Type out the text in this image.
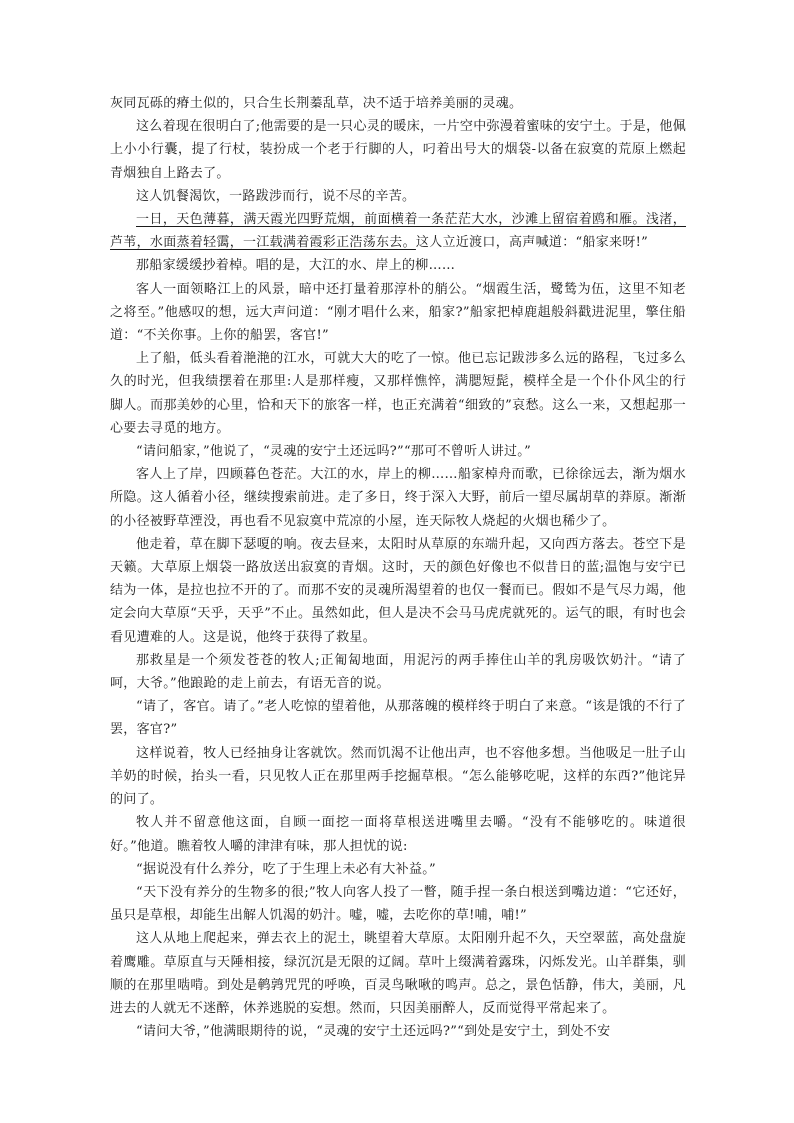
灰同瓦砾的瘠土似的，只合生长荆蓁乱草，决不适于培养美丽的灵魂。

这么着现在很明白了;他需要的是一只心灵的暖床，一片空中弥漫着蜜味的安宁土。于是，他佩上小小行囊，提了行杖，装扮成一个老于行脚的人，叼着出号大的烟袋-以备在寂寞的荒原上燃起青烟独自上路去了。

这人饥餐渴饮，一路跋涉而行，说不尽的辛苦。

一日，天色薄暮，满天霞光四野荒烟，前面横着一条茫茫大水，沙滩上留宿着鸥和雁。浅渚，芦苇，水面蒸着轻霭，一江载满着霞彩正浩荡东去。这人立近渡口，高声喊道：“船家来呀!”

那船家缓缓抄着棹。唱的是，大江的水、岸上的柳……

客人一面领略江上的风景，暗中还打量着那淳朴的艄公。“烟霞生活，鹭鸶为伍，这里不知老之将至。”他感叹的想，远大声问道：“刚才唱什么来，船家?”船家把棹鹿趄般斜戳进泥里，擎住船道：“不关你事。上你的船罢，客官!”

上了船，低头看着滟滟的江水，可就大大的吃了一惊。他已忘记跋涉多么远的路程，飞过多么久的时光，但我绩摆着在那里:人是那样瘦，又那样憔悴，满腮短髭，模样全是一个仆仆风尘的行脚人。而那美妙的心里，恰和天下的旅客一样，也正充满着“细致的”哀愁。这么一来，又想起那一心要去寻觅的地方。

“请问船家，”他说了，“灵魂的安宁土还远吗?”“那可不曾听人讲过。”

客人上了岸，四顾暮色苍茫。大江的水，岸上的柳……船家棹舟而歌，已徐徐远去，渐为烟水所隐。这人循着小径，继续搜索前进。走了多日，终于深入大野，前后一望尽属胡草的莽原。渐渐的小径被野草湮没，再也看不见寂寞中荒凉的小屋，连天际牧人烧起的火烟也稀少了。

他走着，草在脚下瑟嗄的响。夜去昼来，太阳时从草原的东端升起，又向西方落去。苍空下是天籁。大草原上烟袋一路放送出寂寞的青烟。这时，天的颜色好像也不似昔日的蓝;温饱与安宁已结为一体，是拉也拉不开的了。而那不安的灵魂所渴望着的也仅一餐而已。假如不是气尽力竭，他定会向大草原“天乎，天乎”不止。虽然如此，但人是决不会马马虎虎就死的。运气的眼，有时也会看见遭难的人。这是说，他终于获得了救星。

那救星是一个须发苍苍的牧人;正匍匐地面，用泥污的两手捧住山羊的乳房吸饮奶汁。“请了呵，大爷。”他踉跄的走上前去，有语无音的说。

“请了，客官。请了。”老人吃惊的望着他，从那落魄的模样终于明白了来意。“该是饿的不行了罢，客官?”

这样说着，牧人已经抽身让客就饮。然而饥渴不让他出声，也不容他多想。当他吸足一肚子山羊奶的时候，抬头一看，只见牧人正在那里两手挖掘草根。“怎么能够吃呢，这样的东西?”他诧异的问了。

牧人并不留意他这面，自顾一面挖一面将草根送进嘴里去嚼。“没有不能够吃的。味道很好。”他道。瞧着牧人嚼的津津有味，那人担忧的说:

“据说没有什么养分，吃了于生理上未必有大补益。”

“天下没有养分的生物多的很;”牧人向客人投了一瞥，随手捏一条白根送到嘴边道：“它还好，虽只是草根，却能生出解人饥渴的奶汁。嘘，嘘，去吃你的草!哺，哺!”

这人从地上爬起来，弹去衣上的泥土，眺望着大草原。太阳刚升起不久，天空翠蓝，高处盘旋着鹰雕。草原直与天陲相接，绿沉沉是无限的辽阔。草叶上缀满着露珠，闪烁发光。山羊群集，驯顺的在那里啮啃。到处是鹌鹑咒咒的呼唤，百灵鸟啾啾的鸣声。总之，景色恬静，伟大，美丽，凡进去的人就无不迷醉，休养逃脱的妄想。然而，只因美丽醉人，反而觉得平常起来了。

“请问大爷，”他满眼期待的说，“灵魂的安宁土还远吗?”“到处是安宁土，到处不安
